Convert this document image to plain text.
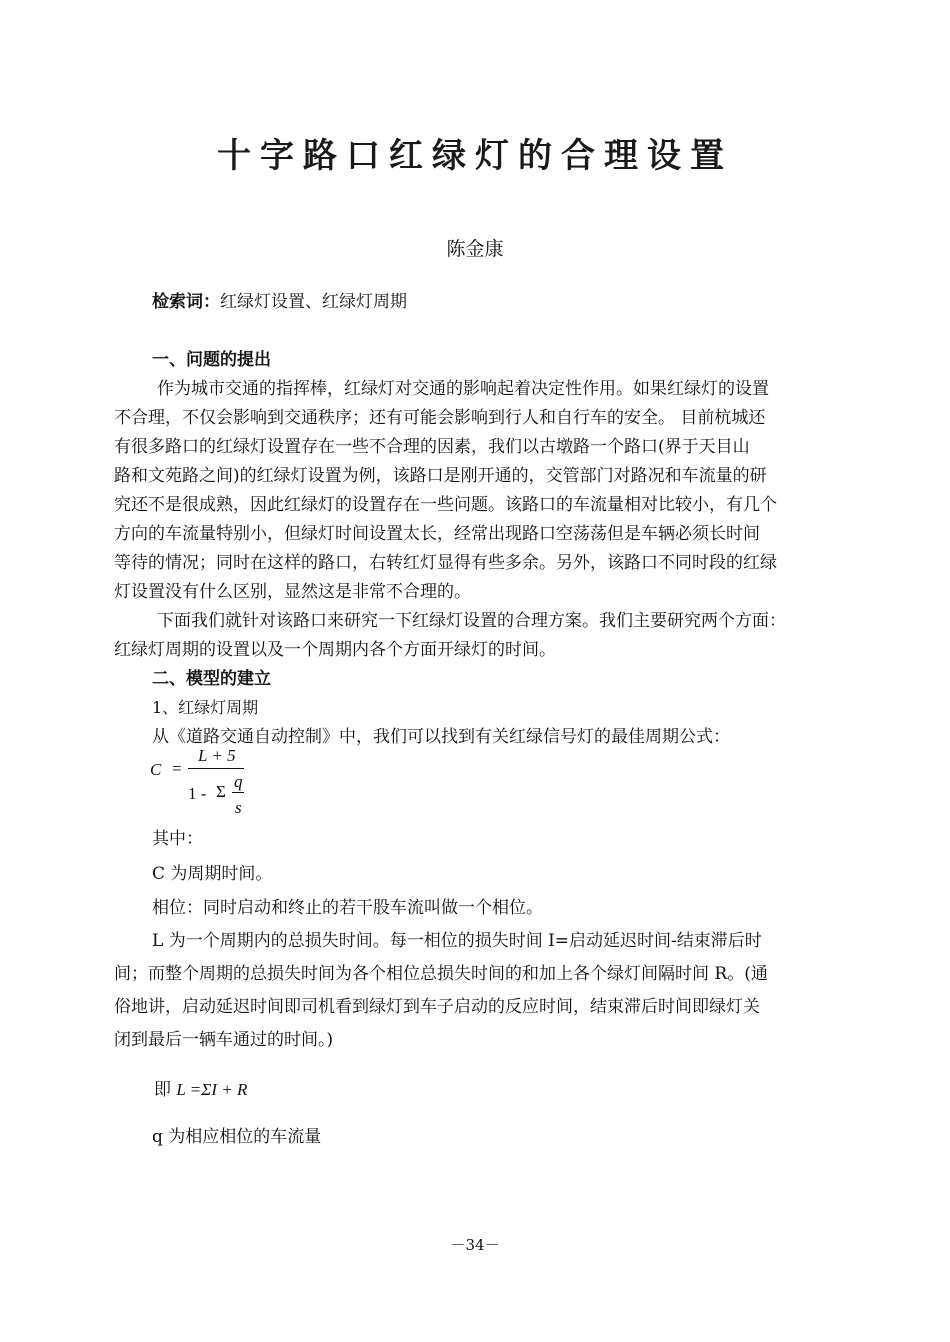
十字路口红绿灯的合理设置
陈金康
检索词：红绿灯设置、红绿灯周期
一、问题的提出
作为城市交通的指挥棒，红绿灯对交通的影响起着决定性作用。如果红绿灯的设置
不合理，不仅会影响到交通秩序；还有可能会影响到行人和自行车的安全。 目前杭城还
有很多路口的红绿灯设置存在一些不合理的因素，我们以古墩路一个路口(界于天目山
路和文苑路之间)的红绿灯设置为例，该路口是刚开通的，交管部门对路况和车流量的研
究还不是很成熟，因此红绿灯的设置存在一些问题。该路口的车流量相对比较小，有几个
方向的车流量特别小，但绿灯时间设置太长，经常出现路口空荡荡但是车辆必须长时间
等待的情况；同时在这样的路口，右转红灯显得有些多余。另外，该路口不同时段的红绿
灯设置没有什么区别，显然这是非常不合理的。
下面我们就针对该路口来研究一下红绿灯设置的合理方案。我们主要研究两个方面：
红绿灯周期的设置以及一个周期内各个方面开绿灯的时间。
二、模型的建立
1、红绿灯周期
从《道路交通自动控制》中，我们可以找到有关红绿信号灯的最佳周期公式：
C =
L + 5
1 - Σ
q
s
其中：
C 为周期时间。
相位：同时启动和终止的若干股车流叫做一个相位。
L 为一个周期内的总损失时间。每一相位的损失时间 I=启动延迟时间-结束滞后时
间；而整个周期的总损失时间为各个相位总损失时间的和加上各个绿灯间隔时间 R。(通
俗地讲，启动延迟时间即司机看到绿灯到车子启动的反应时间，结束滞后时间即绿灯关
闭到最后一辆车通过的时间。)
即 L =ΣI + R
q 为相应相位的车流量
－34－
